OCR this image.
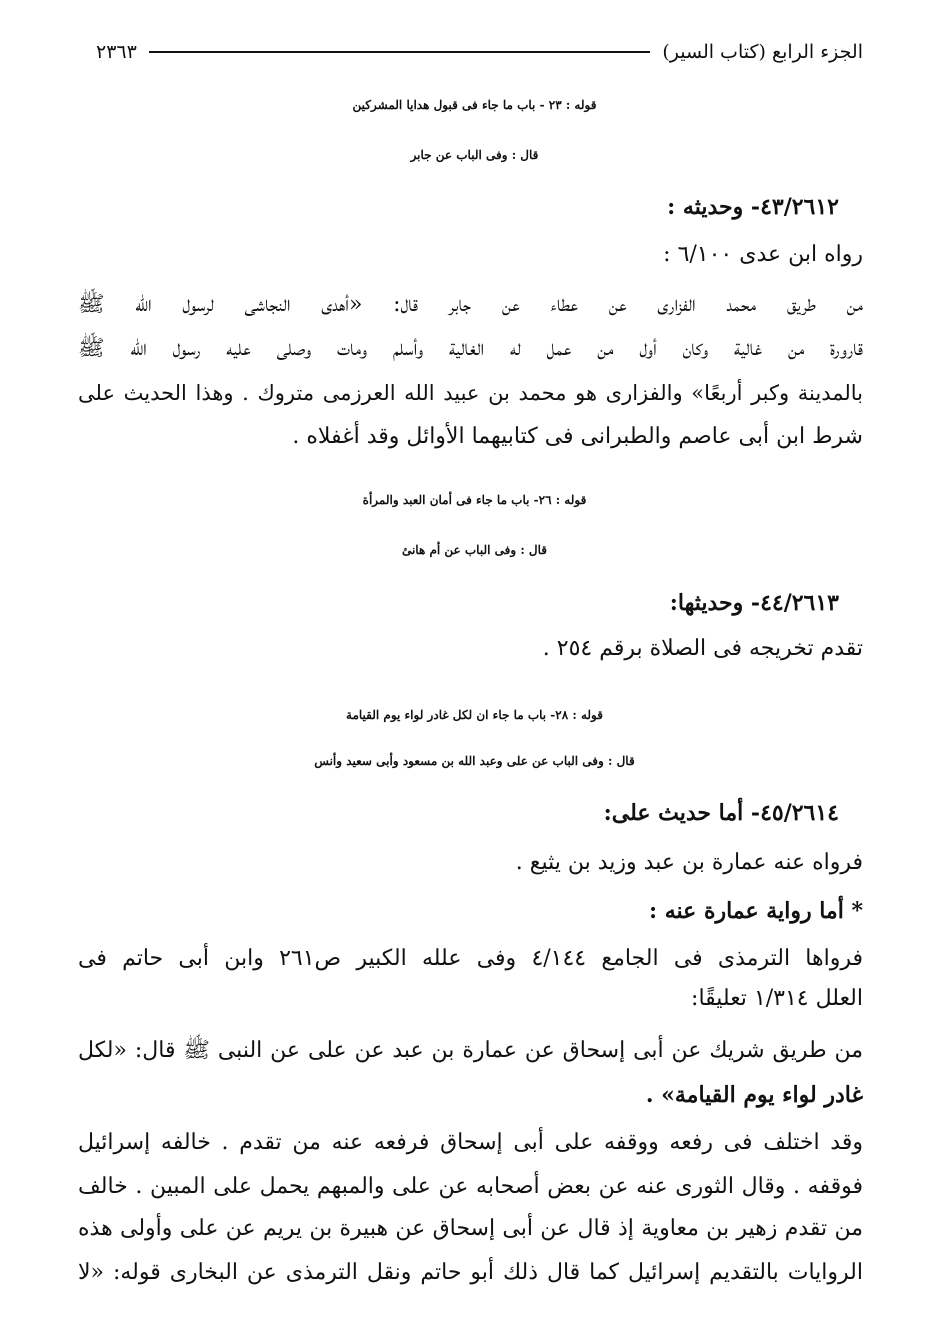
الجزء الرابع (كتاب السير)
٢٣٦٣
قوله : ٢٣ - باب ما جاء فى قبول هدايا المشركين
قال : وفى الباب عن جابر
٤٣/٢٦١٢- وحديثه :
رواه ابن عدى ٦/١٠٠ :
من طريق محمد الفزارى عن عطاء عن جابر قال: «أهدى النجاشى لرسول الله ﷺ
قارورة من غالية وكان أول من عمل له الغالية وأسلم ومات وصلى عليه رسول الله ﷺ
بالمدينة وكبر أربعًا» والفزارى هو محمد بن عبيد الله العرزمى متروك . وهذا الحديث على
شرط ابن أبى عاصم والطبرانى فى كتابيهما الأوائل وقد أغفلاه .
قوله : ٢٦- باب ما جاء فى أمان العبد والمرأة
قال : وفى الباب عن أم هانئ
٤٤/٢٦١٣- وحديثها:
تقدم تخريجه فى الصلاة برقم ٢٥٤ .
قوله : ٢٨- باب ما جاء ان لكل غادر لواء يوم القيامة
قال : وفى الباب عن على وعبد الله بن مسعود وأبى سعيد وأنس
٤٥/٢٦١٤- أما حديث على:
فرواه عنه عمارة بن عبد وزيد بن يثيع .
* أما رواية عمارة عنه :
فرواها الترمذى فى الجامع ٤/١٤٤ وفى علله الكبير ص٢٦١ وابن أبى حاتم فى
العلل ١/٣١٤ تعليقًا:
من طريق شريك عن أبى إسحاق عن عمارة بن عبد عن على عن النبى ﷺ قال: «لكل
غادر لواء يوم القيامة» .
وقد اختلف فى رفعه ووقفه على أبى إسحاق فرفعه عنه من تقدم . خالفه إسرائيل
فوقفه . وقال الثورى عنه عن بعض أصحابه عن على والمبهم يحمل على المبين . خالف
من تقدم زهير بن معاوية إذ قال عن أبى إسحاق عن هبيرة بن يريم عن على وأولى هذه
الروايات بالتقديم إسرائيل كما قال ذلك أبو حاتم ونقل الترمذى عن البخارى قوله: «لا
